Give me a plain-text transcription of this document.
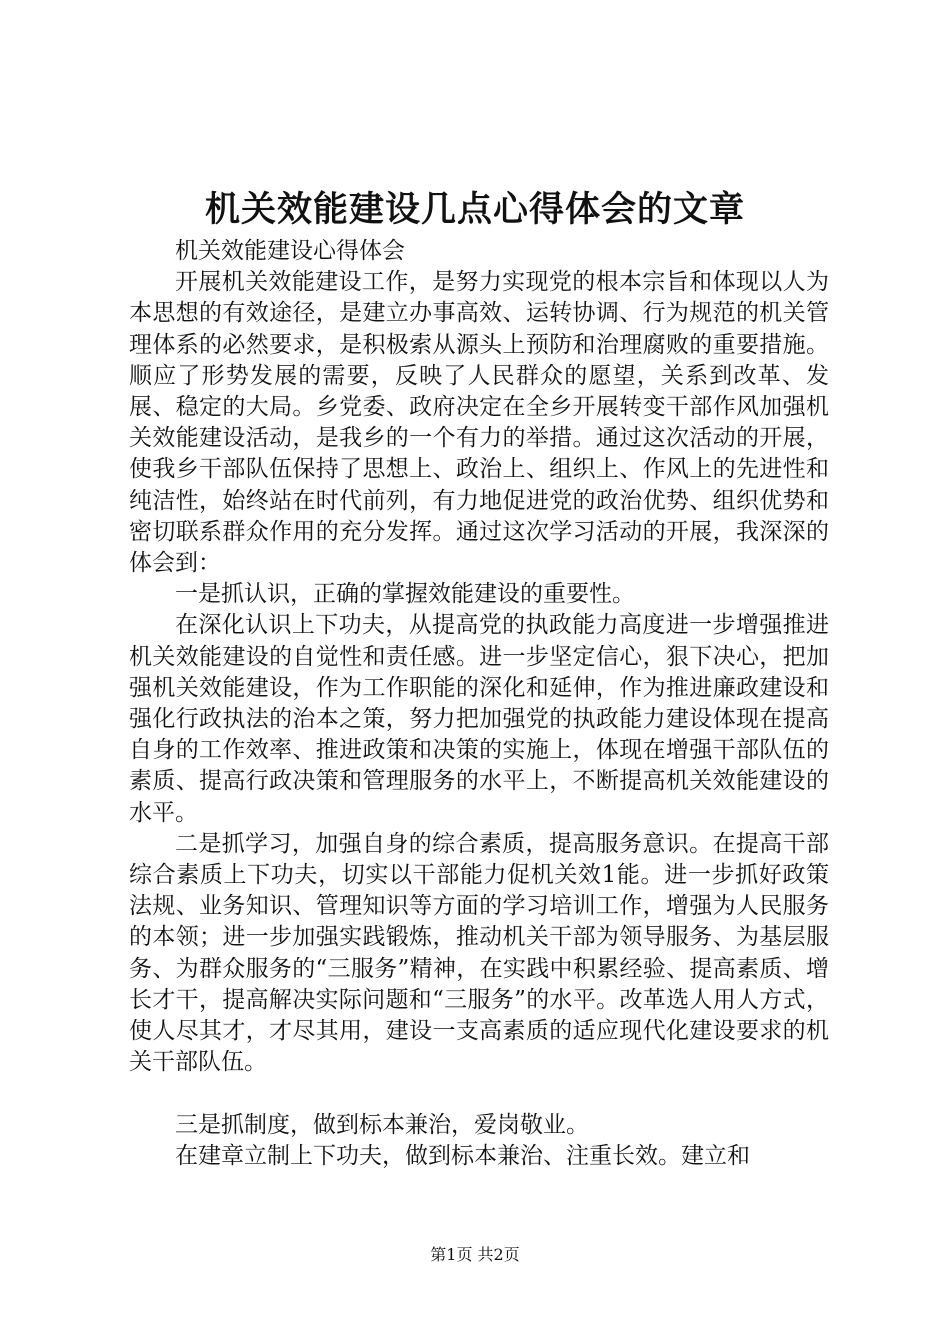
机关效能建设几点心得体会的文章

机关效能建设心得体会

开展机关效能建设工作，是努力实现党的根本宗旨和体现以人为本思想的有效途径，是建立办事高效、运转协调、行为规范的机关管理体系的必然要求，是积极索从源头上预防和治理腐败的重要措施。顺应了形势发展的需要，反映了人民群众的愿望，关系到改革、发展、稳定的大局。乡党委、政府决定在全乡开展转变干部作风加强机关效能建设活动，是我乡的一个有力的举措。通过这次活动的开展，使我乡干部队伍保持了思想上、政治上、组织上、作风上的先进性和纯洁性，始终站在时代前列，有力地促进党的政治优势、组织优势和密切联系群众作用的充分发挥。通过这次学习活动的开展，我深深的体会到：

一是抓认识，正确的掌握效能建设的重要性。

在深化认识上下功夫，从提高党的执政能力高度进一步增强推进机关效能建设的自觉性和责任感。进一步坚定信心，狠下决心，把加强机关效能建设，作为工作职能的深化和延伸，作为推进廉政建设和强化行政执法的治本之策，努力把加强党的执政能力建设体现在提高自身的工作效率、推进政策和决策的实施上，体现在增强干部队伍的素质、提高行政决策和管理服务的水平上，不断提高机关效能建设的水平。

二是抓学习，加强自身的综合素质，提高服务意识。在提高干部综合素质上下功夫，切实以干部能力促机关效1能。进一步抓好政策法规、业务知识、管理知识等方面的学习培训工作，增强为人民服务的本领；进一步加强实践锻炼，推动机关干部为领导服务、为基层服务、为群众服务的“三服务”精神，在实践中积累经验、提高素质、增长才干，提高解决实际问题和“三服务”的水平。改革选人用人方式，使人尽其才，才尽其用，建设一支高素质的适应现代化建设要求的机关干部队伍。

三是抓制度，做到标本兼治，爱岗敬业。

在建章立制上下功夫，做到标本兼治、注重长效。建立和

第1页 共2页
